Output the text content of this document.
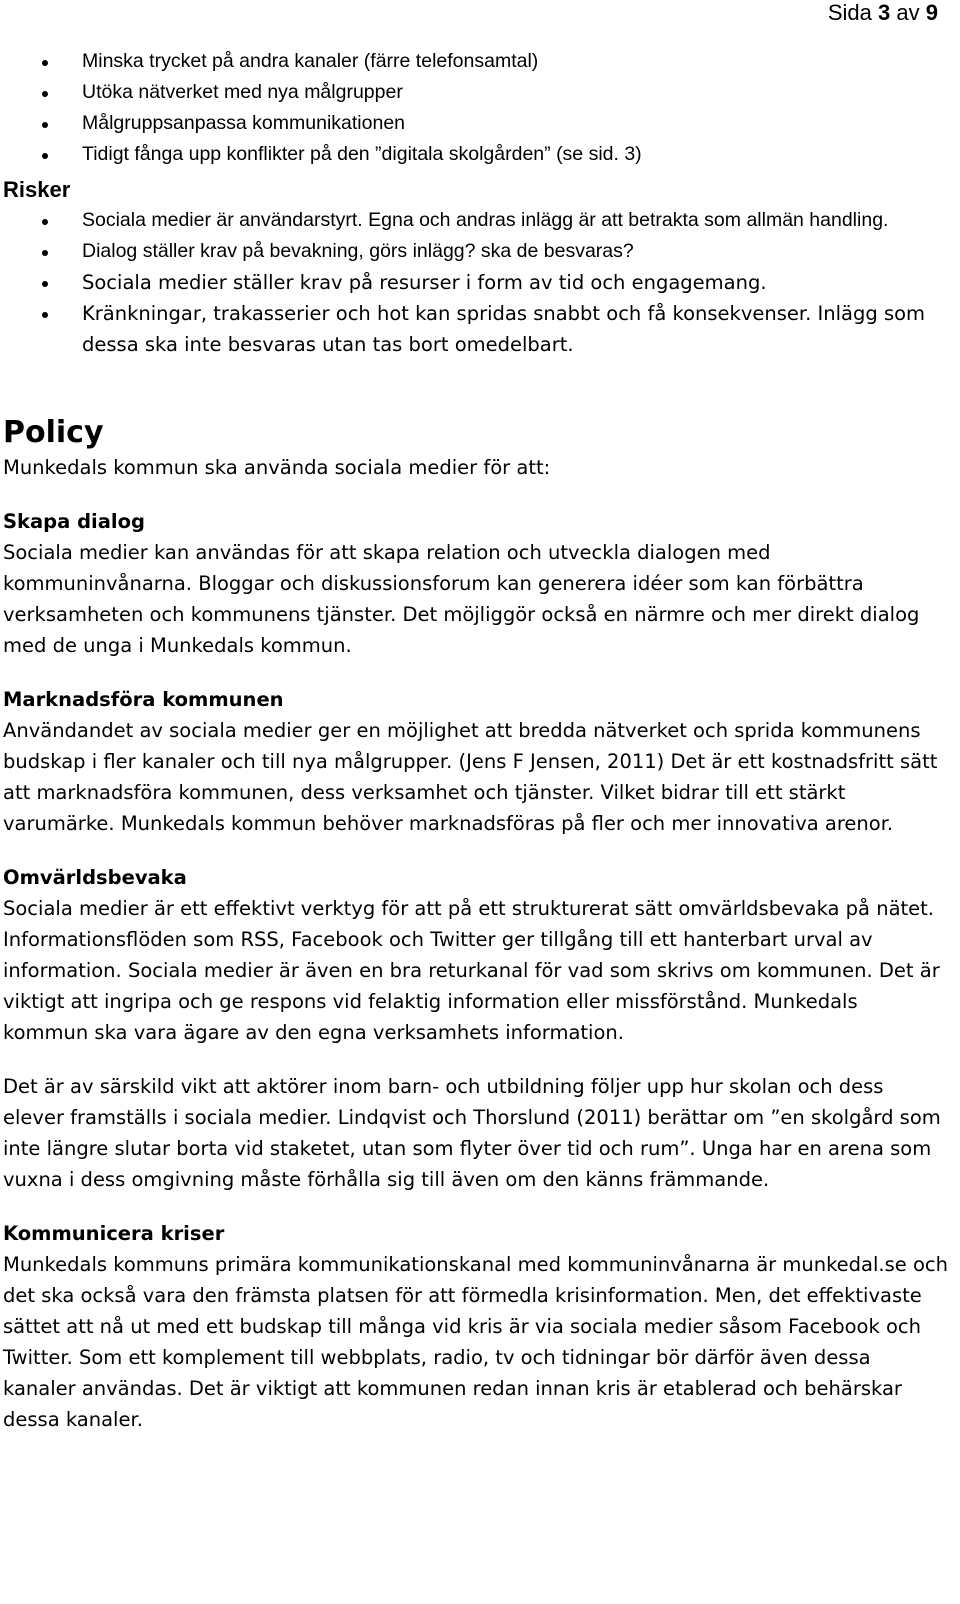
Sida 3 av 9
Minska trycket på andra kanaler (färre telefonsamtal)
Utöka nätverket med nya målgrupper
Målgruppsanpassa kommunikationen
Tidigt fånga upp konflikter på den ”digitala skolgården” (se sid. 3)
Risker
Sociala medier är användarstyrt. Egna och andras inlägg är att betrakta som allmän handling.
Dialog ställer krav på bevakning, görs inlägg? ska de besvaras?
Sociala medier ställer krav på resurser i form av tid och engagemang.
Kränkningar, trakasserier och hot kan spridas snabbt och få konsekvenser. Inlägg som dessa ska inte besvaras utan tas bort omedelbart.
Policy

Munkedals kommun ska använda sociala medier för att:

Skapa dialog

Sociala medier kan användas för att skapa relation och utveckla dialogen med kommuninvånarna. Bloggar och diskussionsforum kan generera idéer som kan förbättra verksamheten och kommunens tjänster. Det möjliggör också en närmre och mer direkt dialog med de unga i Munkedals kommun.

Marknadsföra kommunen

Användandet av sociala medier ger en möjlighet att bredda nätverket och sprida kommunens budskap i fler kanaler och till nya målgrupper. (Jens F Jensen, 2011) Det är ett kostnadsfritt sätt att marknadsföra kommunen, dess verksamhet och tjänster. Vilket bidrar till ett stärkt varumärke. Munkedals kommun behöver marknadsföras på fler och mer innovativa arenor.

Omvärldsbevaka

Sociala medier är ett effektivt verktyg för att på ett strukturerat sätt omvärldsbevaka på nätet. Informationsflöden som RSS, Facebook och Twitter ger tillgång till ett hanterbart urval av information. Sociala medier är även en bra returkanal för vad som skrivs om kommunen. Det är viktigt att ingripa och ge respons vid felaktig information eller missförstånd. Munkedals kommun ska vara ägare av den egna verksamhets information.

Det är av särskild vikt att aktörer inom barn- och utbildning följer upp hur skolan och dess elever framställs i sociala medier. Lindqvist och Thorslund (2011) berättar om ”en skolgård som inte längre slutar borta vid staketet, utan som flyter över tid och rum”. Unga har en arena som vuxna i dess omgivning måste förhålla sig till även om den känns främmande.

Kommunicera kriser

Munkedals kommuns primära kommunikationskanal med kommuninvånarna är munkedal.se och det ska också vara den främsta platsen för att förmedla krisinformation. Men, det effektivaste sättet att nå ut med ett budskap till många vid kris är via sociala medier såsom Facebook och Twitter. Som ett komplement till webbplats, radio, tv och tidningar bör därför även dessa kanaler användas. Det är viktigt att kommunen redan innan kris är etablerad och behärskar dessa kanaler.
